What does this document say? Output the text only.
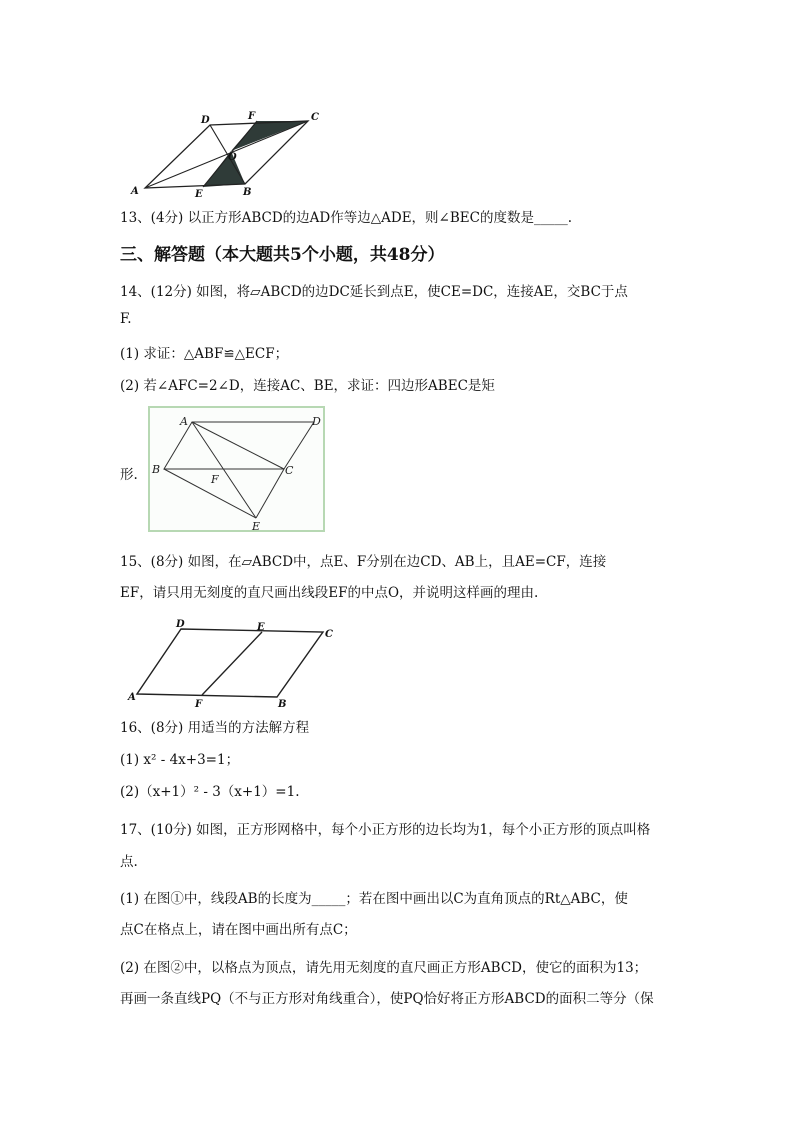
A	B
C
D
E
F
O
13、(4分) 以正方形ABCD的边AD作等边△ADE，则∠BEC的度数是_____.
三、解答题（本大题共5个小题，共48分）
14、(12分) 如图，将▱ABCD的边DC延长到点E，使CE=DC，连接AE，交BC于点
F.
(1) 求证：△ABF≌△ECF；
(2) 若∠AFC=2∠D，连接AC、BE，求证：四边形ABEC是矩
A	D
B	C
F
E
形.
15、(8分) 如图，在▱ABCD中，点E、F分别在边CD、AB上，且AE=CF，连接
EF，请只用无刻度的直尺画出线段EF的中点O，并说明这样画的理由.
A
B
C
D	E
F
16、(8分) 用适当的方法解方程
(1) x² - 4x+3=1；
(2)（x+1）² - 3（x+1）=1.
17、(10分) 如图，正方形网格中，每个小正方形的边长均为1，每个小正方形的顶点叫格
点.
(1) 在图①中，线段AB的长度为_____；若在图中画出以C为直角顶点的Rt△ABC，使
点C在格点上，请在图中画出所有点C；
(2) 在图②中，以格点为顶点，请先用无刻度的直尺画正方形ABCD，使它的面积为13；
再画一条直线PQ（不与正方形对角线重合），使PQ恰好将正方形ABCD的面积二等分（保
